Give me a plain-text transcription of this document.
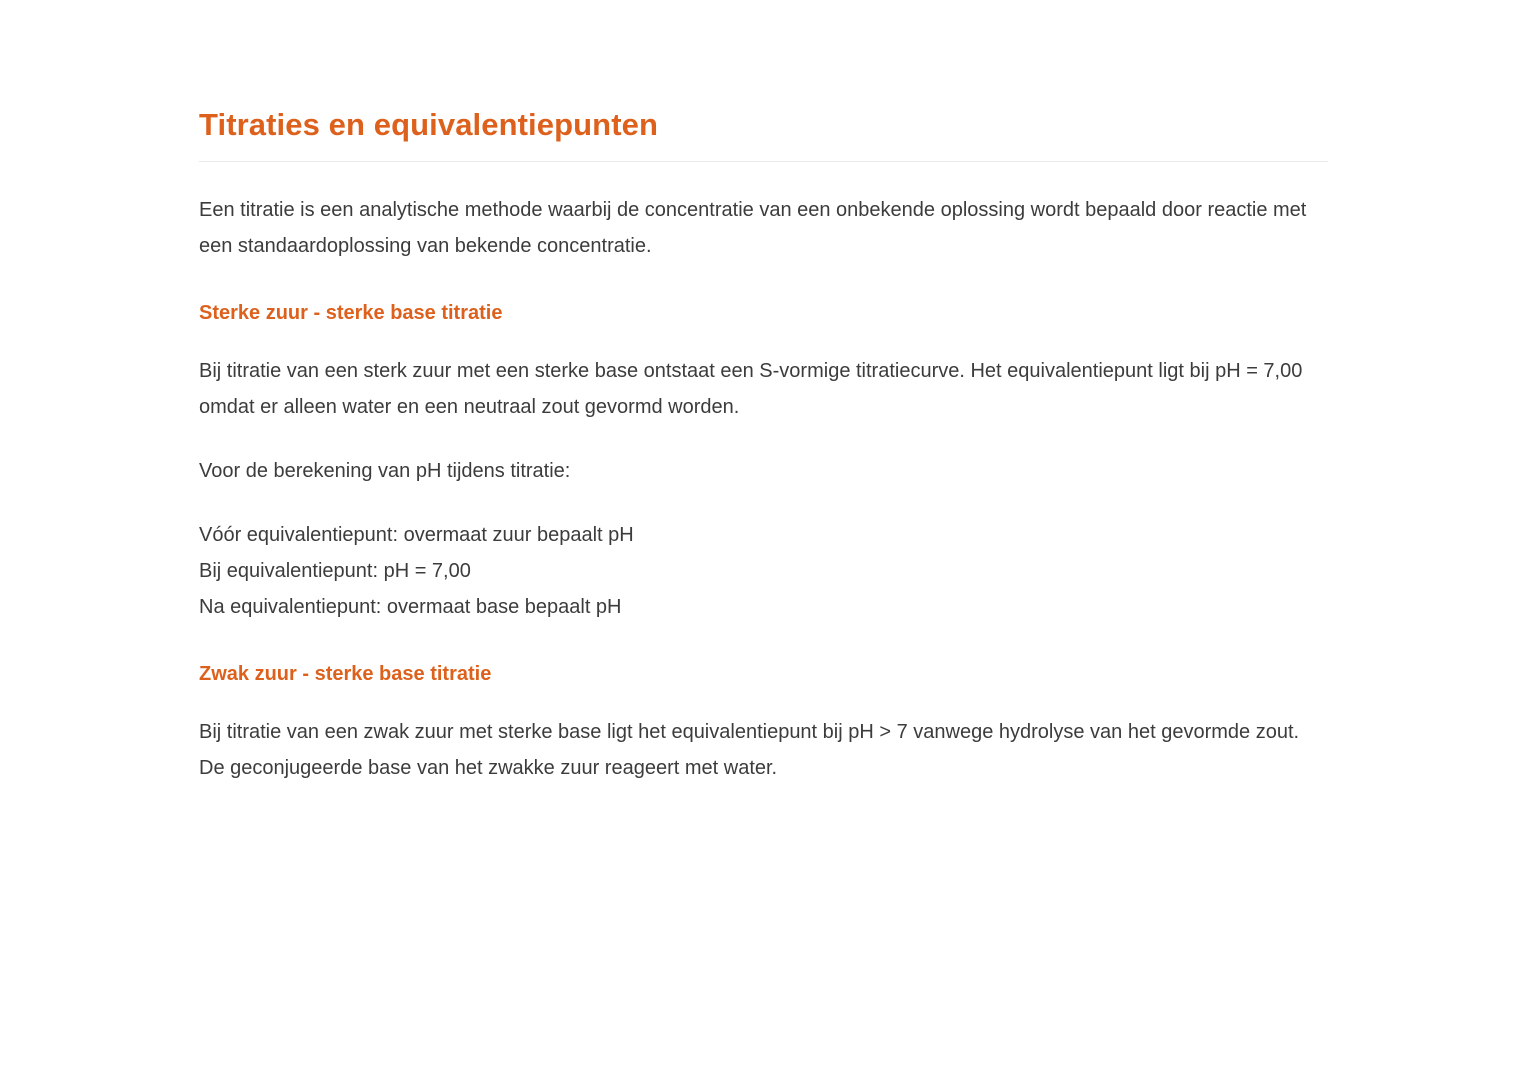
Titraties en equivalentiepunten

Een titratie is een analytische methode waarbij de concentratie van een onbekende oplossing wordt bepaald door reactie met een standaardoplossing van bekende concentratie.

Sterke zuur - sterke base titratie

Bij titratie van een sterk zuur met een sterke base ontstaat een S-vormige titratiecurve. Het equivalentiepunt ligt bij pH = 7,00 omdat er alleen water en een neutraal zout gevormd worden.

Voor de berekening van pH tijdens titratie:

Vóór equivalentiepunt: overmaat zuur bepaalt pH
Bij equivalentiepunt: pH = 7,00
Na equivalentiepunt: overmaat base bepaalt pH
Zwak zuur - sterke base titratie

Bij titratie van een zwak zuur met sterke base ligt het equivalentiepunt bij pH > 7 vanwege hydrolyse van het gevormde zout. De geconjugeerde base van het zwakke zuur reageert met water.
